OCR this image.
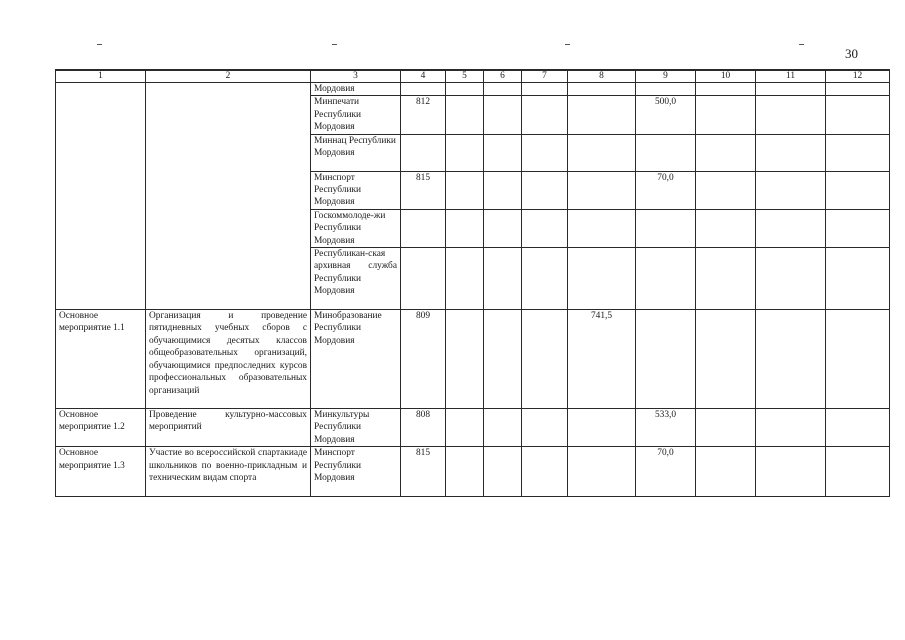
30
1	2	3	4	5	6	7	8	9	10	11	12
		Мордовия									
		Минпечати Республики Мордовия	812					500,0			
		Миннац Республики Мордовия									
		Минспорт Республики Мордовия	815					70,0			
		Госкоммолоде-жи Республики Мордовия									
		Республикан-ская архивная служба Республики Мордовия									
Основное мероприятие 1.1	Организация и проведение пятидневных учебных сборов с обучающимися десятых классов общеобразовательных организаций, обучающимися предпоследних курсов профессиональных образовательных организаций	Минобразование Республики Мордовия	809				741,5				
Основное мероприятие 1.2	Проведение культурно-массовых мероприятий	Минкультуры Республики Мордовия	808					533,0			
Основное мероприятие 1.3	Участие во всероссийской спартакиаде школьников по военно-прикладным и техническим видам спорта	Минспорт Республики Мордовия	815					70,0			
